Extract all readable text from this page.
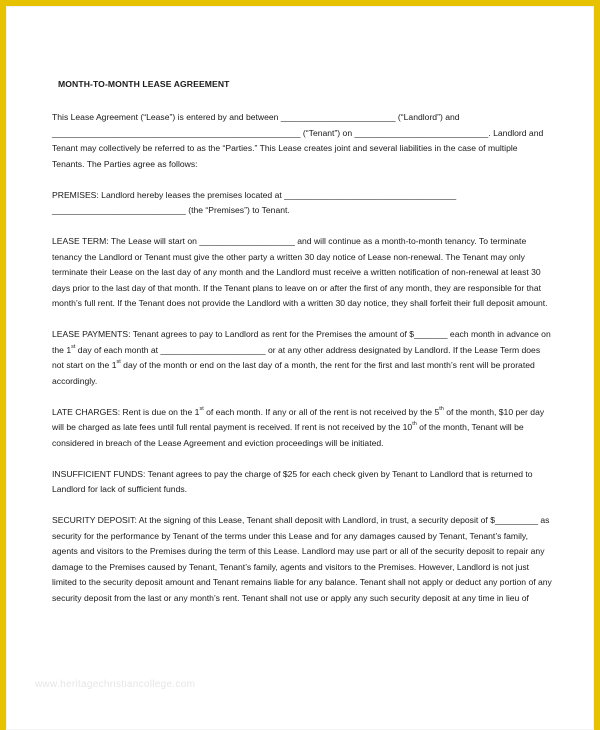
MONTH-TO-MONTH LEASE AGREEMENT

This Lease Agreement (“Lease”) is entered by and between ________________________ (“Landlord”) and ____________________________________________________ (“Tenant”) on ____________________________. Landlord and Tenant may collectively be referred to as the “Parties.” This Lease creates joint and several liabilities in the case of multiple Tenants. The Parties agree as follows:

PREMISES: Landlord hereby leases the premises located at ____________________________________ ____________________________ (the “Premises”) to Tenant.

LEASE TERM: The Lease will start on ____________________ and will continue as a month-to-month tenancy. To terminate tenancy the Landlord or Tenant must give the other party a written 30 day notice of Lease non-renewal. The Tenant may only terminate their Lease on the last day of any month and the Landlord must receive a written notification of non-renewal at least 30 days prior to the last day of that month. If the Tenant plans to leave on or after the first of any month, they are responsible for that month’s full rent. If the Tenant does not provide the Landlord with a written 30 day notice, they shall forfeit their full deposit amount.

LEASE PAYMENTS: Tenant agrees to pay to Landlord as rent for the Premises the amount of $_______ each month in advance on the 1st day of each month at ______________________ or at any other address designated by Landlord. If the Lease Term does not start on the 1st day of the month or end on the last day of a month, the rent for the first and last month’s rent will be prorated accordingly.

LATE CHARGES: Rent is due on the 1st of each month. If any or all of the rent is not received by the 5th of the month, $10 per day will be charged as late fees until full rental payment is received. If rent is not received by the 10th of the month, Tenant will be considered in breach of the Lease Agreement and eviction proceedings will be initiated.

INSUFFICIENT FUNDS: Tenant agrees to pay the charge of $25 for each check given by Tenant to Landlord that is returned to Landlord for lack of sufficient funds.

SECURITY DEPOSIT: At the signing of this Lease, Tenant shall deposit with Landlord, in trust, a security deposit of $_________ as security for the performance by Tenant of the terms under this Lease and for any damages caused by Tenant, Tenant’s family, agents and visitors to the Premises during the term of this Lease. Landlord may use part or all of the security deposit to repair any damage to the Premises caused by Tenant, Tenant’s family, agents and visitors to the Premises. However, Landlord is not just limited to the security deposit amount and Tenant remains liable for any balance. Tenant shall not apply or deduct any portion of any security deposit from the last or any month’s rent. Tenant shall not use or apply any such security deposit at any time in lieu of

www.heritagechristiancollege.com
